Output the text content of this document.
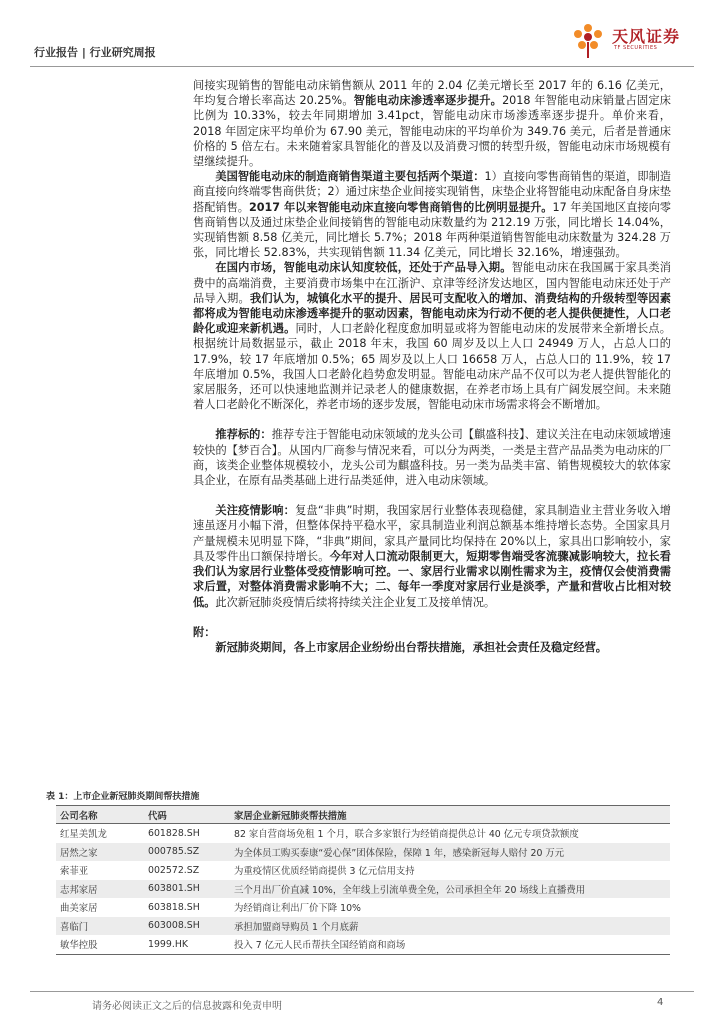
行业报告 | 行业研究周报
天风证券
TF SECURITIES

间接实现销售的智能电动床销售额从 2011 年的 2.04 亿美元增长至 2017 年的 6.16 亿美元，年均复合增长率高达 20.25%。智能电动床渗透率逐步提升。2018 年智能电动床销量占固定床比例为 10.33%，较去年同期增加 3.41pct，智能电动床市场渗透率逐步提升。单价来看，2018 年固定床平均单价为 67.90 美元，智能电动床的平均单价为 349.76 美元，后者是普通床价格的 5 倍左右。未来随着家具智能化的普及以及消费习惯的转型升级，智能电动床市场规模有望继续提升。

美国智能电动床的制造商销售渠道主要包括两个渠道：1）直接向零售商销售的渠道，即制造商直接向终端零售商供货；2）通过床垫企业间接实现销售，床垫企业将智能电动床配备自身床垫搭配销售。2017 年以来智能电动床直接向零售商销售的比例明显提升。17 年美国地区直接向零售商销售以及通过床垫企业间接销售的智能电动床数量约为 212.19 万张，同比增长 14.04%，实现销售额 8.58 亿美元，同比增长 5.7%；2018 年两种渠道销售智能电动床数量为 324.28 万张，同比增长 52.83%，共实现销售额 11.34 亿美元，同比增长 32.16%，增速强劲。

在国内市场，智能电动床认知度较低，还处于产品导入期。智能电动床在我国属于家具类消费中的高端消费，主要消费市场集中在江浙沪、京津等经济发达地区，国内智能电动床还处于产品导入期。我们认为，城镇化水平的提升、居民可支配收入的增加、消费结构的升级转型等因素都将成为智能电动床渗透率提升的驱动因素，智能电动床为行动不便的老人提供便捷性，人口老龄化或迎来新机遇。同时，人口老龄化程度愈加明显或将为智能电动床的发展带来全新增长点。根据统计局数据显示，截止 2018 年末，我国 60 周岁及以上人口 24949 万人，占总人口的 17.9%，较 17 年底增加 0.5%；65 周岁及以上人口 16658 万人，占总人口的 11.9%，较 17 年底增加 0.5%，我国人口老龄化趋势愈发明显。智能电动床产品不仅可以为老人提供智能化的家居服务，还可以快速地监测并记录老人的健康数据，在养老市场上具有广阔发展空间。未来随着人口老龄化不断深化，养老市场的逐步发展，智能电动床市场需求将会不断增加。

推荐标的：推荐专注于智能电动床领域的龙头公司【麒盛科技】、建议关注在电动床领域增速较快的【梦百合】。从国内厂商参与情况来看，可以分为两类，一类是主营产品品类为电动床的厂商，该类企业整体规模较小，龙头公司为麒盛科技。另一类为品类丰富、销售规模较大的软体家具企业，在原有品类基础上进行品类延伸，进入电动床领域。

关注疫情影响：复盘“非典”时期，我国家居行业整体表现稳健，家具制造业主营业务收入增速虽逐月小幅下滑，但整体保持平稳水平，家具制造业利润总额基本维持增长态势。全国家具月产量规模未见明显下降，“非典”期间，家具产量同比均保持在 20%以上，家具出口影响较小，家具及零件出口额保持增长。今年对人口流动限制更大，短期零售端受客流骤减影响较大，拉长看我们认为家居行业整体受疫情影响可控。一、家居行业需求以刚性需求为主，疫情仅会使消费需求后置，对整体消费需求影响不大；二、每年一季度对家居行业是淡季，产量和营收占比相对较低。此次新冠肺炎疫情后续将持续关注企业复工及接单情况。

附：

新冠肺炎期间，各上市家居企业纷纷出台帮扶措施，承担社会责任及稳定经营。

表 1：上市企业新冠肺炎期间帮扶措施
公司名称	代码	家居企业新冠肺炎帮扶措施
红星美凯龙	601828.SH	82 家自营商场免租 1 个月，联合多家银行为经销商提供总计 40 亿元专项贷款额度
居然之家	000785.SZ	为全体员工购买泰康“爱心保”团体保险，保障 1 年，感染新冠每人赔付 20 万元
索菲亚	002572.SZ	为重疫情区优质经销商提供 3 亿元信用支持
志邦家居	603801.SH	三个月出厂价直减 10%，全年线上引流单费全免，公司承担全年 20 场线上直播费用
曲美家居	603818.SH	为经销商让利出厂价下降 10%
喜临门	603008.SH	承担加盟商导购员 1 个月底薪
敏华控股	1999.HK	投入 7 亿元人民币帮扶全国经销商和商场
请务必阅读正文之后的信息披露和免责申明	4
